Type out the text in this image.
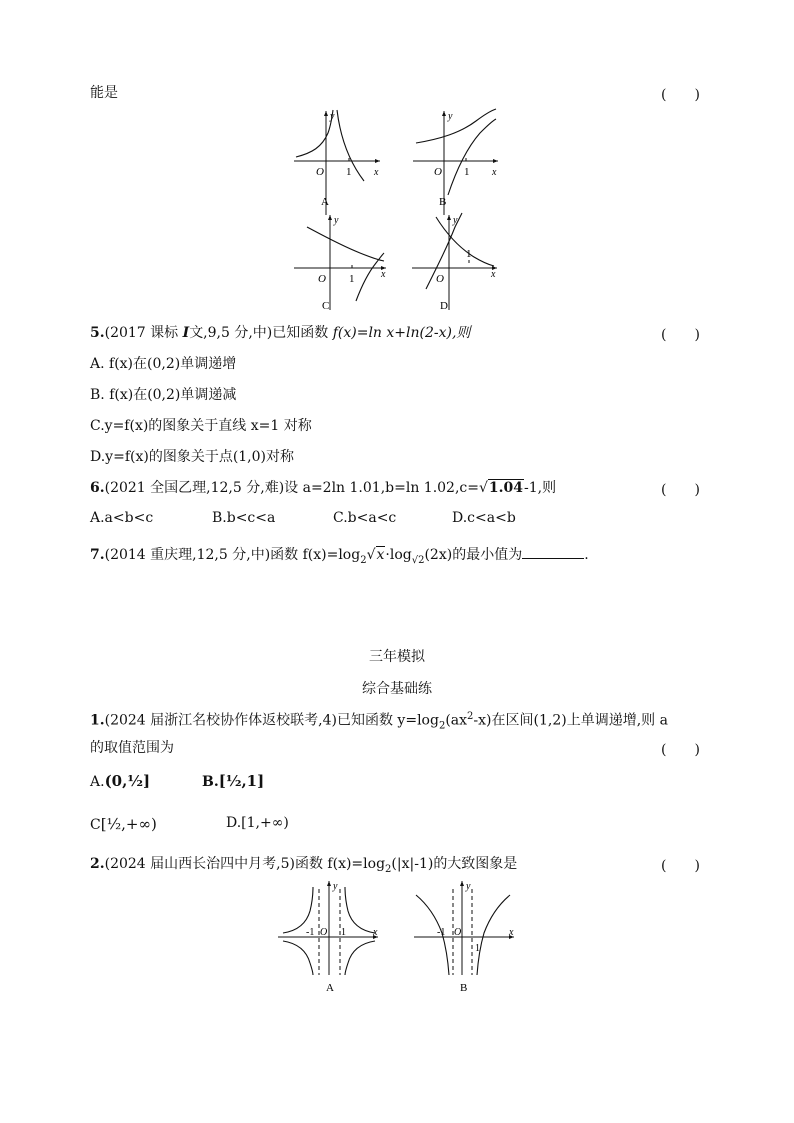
能是	(　　)
y
O 1 x
A
y
O 1 x
B
y
O 1	x
C
y
O
1
x
D
5.(2017 课标 Ⅰ文,9,5 分,中)已知函数 f(x)=ln x+ln(2-x),则	(　　)
A. f(x)在(0,2)单调递增
B. f(x)在(0,2)单调递减
C.y=f(x)的图象关于直线 x=1 对称
D.y=f(x)的图象关于点(1,0)对称
6.(2021 全国乙理,12,5 分,难)设 a=2ln 1.01,b=ln 1.02,c=√1.04-1,则	(　　)
A.a<b<c	B.b<c<a	C.b<a<c	D.c<a<b
7.(2014 重庆理,12,5 分,中)函数 $f(x)=\log_2√x\cdot\log_{√2}(2x)$的最小值为	.
三年模拟
综合基础练
1.(2024 届浙江名校协作体返校联考,4)已知函数 $y=\log_2(ax^2-x)$在区间(1,2)上单调递增,则 a
的取值范围为	(　　)
A.(0,½]	B.[½,1]
C[½,+∞)	D.[1,+∞)
2.(2024 届山西长治四中月考,5)函数 $f(x)=\log_2(|x|-1)$的大致图象是	(　　)
y
-1 O 1	x
A
y
-1 O
1
x
B
